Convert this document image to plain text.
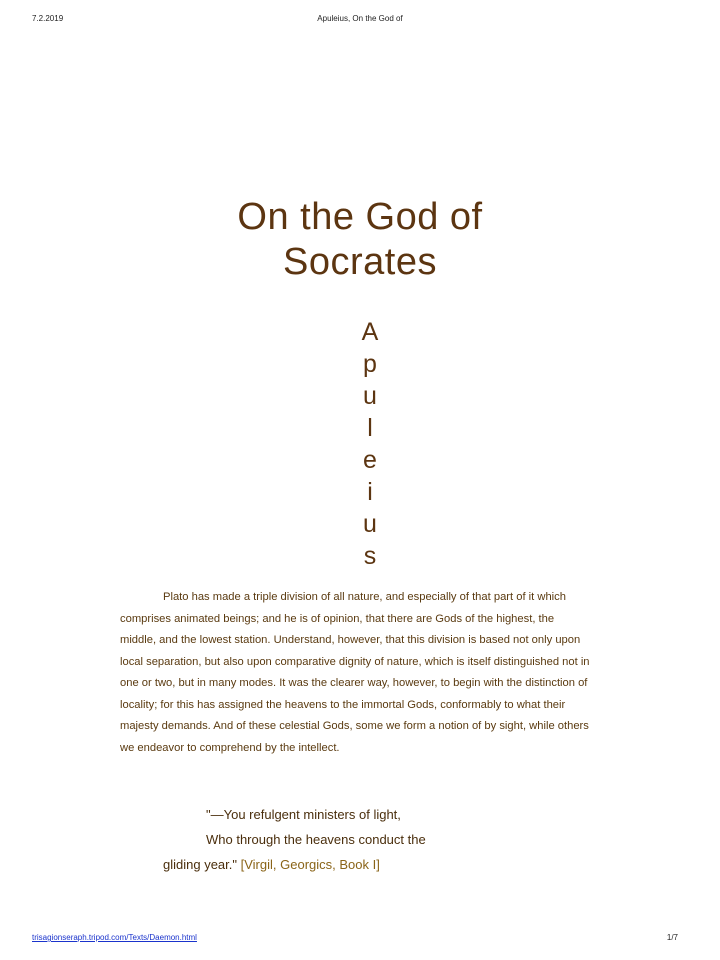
7.2.2019	Apuleius, On the God of
On the God of
Socrates
A
p
u
l
e
i
u
s

Plato has made a triple division of all nature, and especially of that part of it which comprises animated beings; and he is of opinion, that there are Gods of the highest, the middle, and the lowest station. Understand, however, that this division is based not only upon local separation, but also upon comparative dignity of nature, which is itself distinguished not in one or two, but in many modes. It was the clearer way, however, to begin with the distinction of locality; for this has assigned the heavens to the immortal Gods, conformably to what their majesty demands. And of these celestial Gods, some we form a notion of by sight, while others we endeavor to comprehend by the intellect.

"—You refulgent ministers of light,
Who through the heavens conduct the
gliding year." [Virgil, Georgics, Book I]
trisagionseraph.tripod.com/Texts/Daemon.html	1/7
